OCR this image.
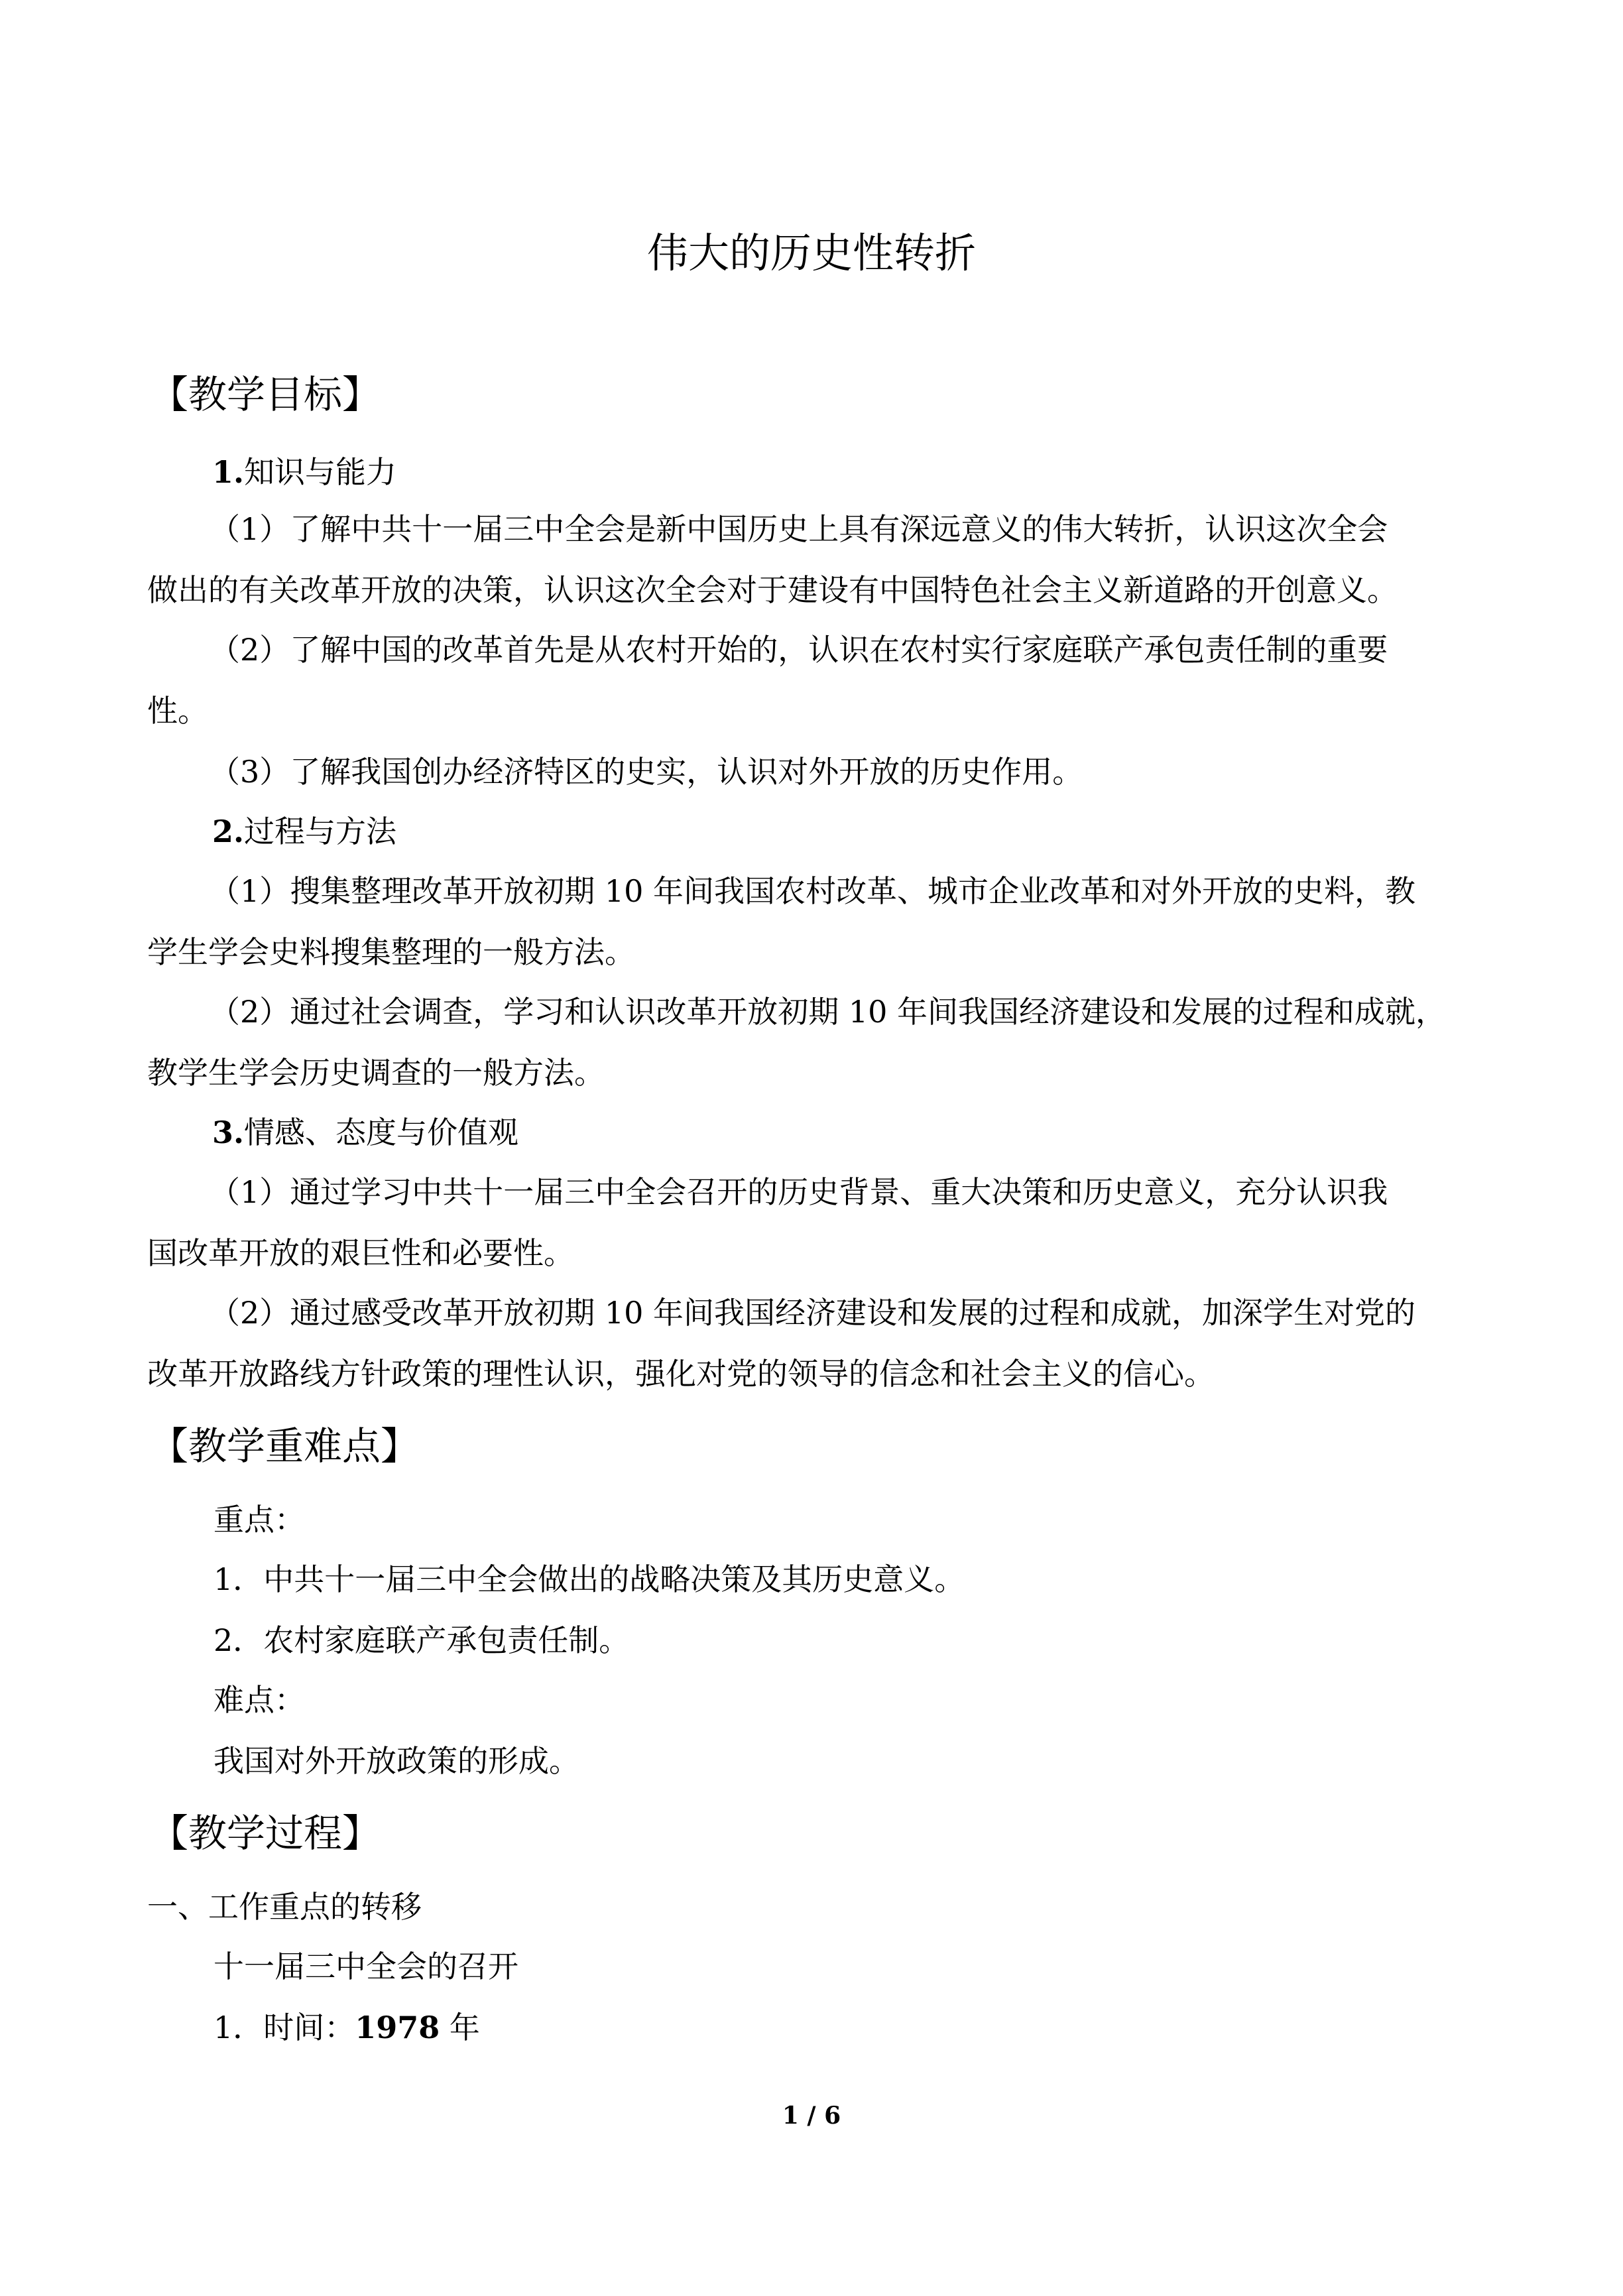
伟大的历史性转折
【教学目标】
1.知识与能力
（1）了解中共十一届三中全会是新中国历史上具有深远意义的伟大转折，认识这次全会
做出的有关改革开放的决策，认识这次全会对于建设有中国特色社会主义新道路的开创意义。
（2）了解中国的改革首先是从农村开始的，认识在农村实行家庭联产承包责任制的重要
性。
（3）了解我国创办经济特区的史实，认识对外开放的历史作用。
2.过程与方法
（1）搜集整理改革开放初期 10 年间我国农村改革、城市企业改革和对外开放的史料，教
学生学会史料搜集整理的一般方法。
（2）通过社会调查，学习和认识改革开放初期 10 年间我国经济建设和发展的过程和成就，
教学生学会历史调查的一般方法。
3.情感、态度与价值观
（1）通过学习中共十一届三中全会召开的历史背景、重大决策和历史意义，充分认识我
国改革开放的艰巨性和必要性。
（2）通过感受改革开放初期 10 年间我国经济建设和发展的过程和成就，加深学生对党的
改革开放路线方针政策的理性认识，强化对党的领导的信念和社会主义的信心。
【教学重难点】
重点：
1．中共十一届三中全会做出的战略决策及其历史意义。
2．农村家庭联产承包责任制。
难点：
我国对外开放政策的形成。
【教学过程】
一、工作重点的转移
十一届三中全会的召开
1．时间：1978 年
1 / 6
